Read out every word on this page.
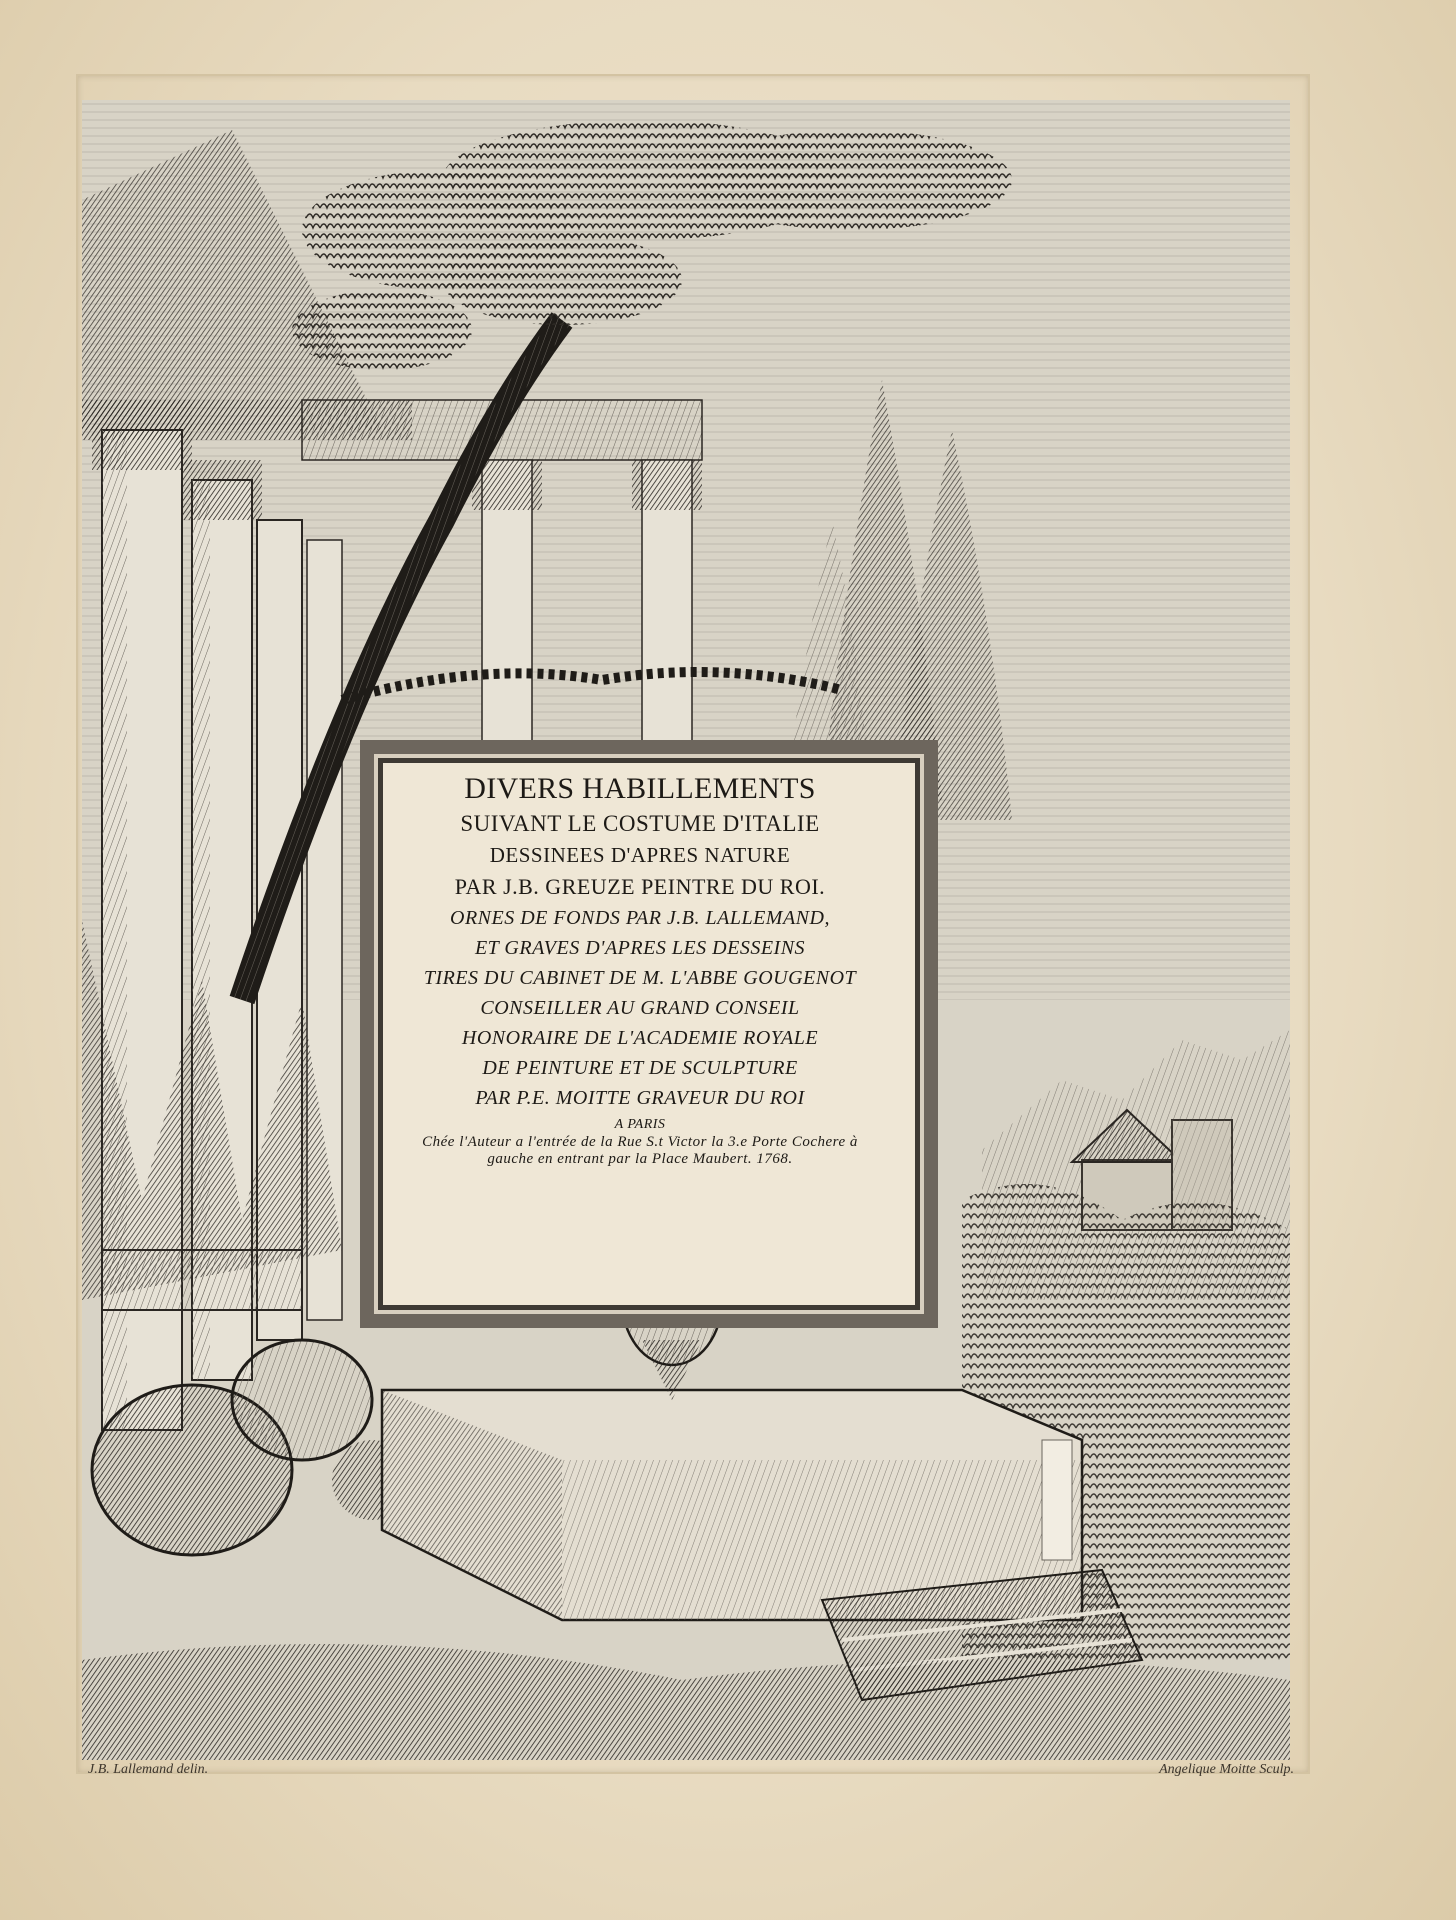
DIVERS HABILLEMENTS
SUIVANT LE COSTUME D'ITALIE
DESSINEES D'APRES NATURE
PAR J.B. GREUZE PEINTRE DU ROI.
ORNES DE FONDS PAR J.B. LALLEMAND,
ET GRAVES D'APRES LES DESSEINS
TIRES DU CABINET DE M. L'ABBE GOUGENOT
CONSEILLER AU GRAND CONSEIL
HONORAIRE DE L'ACADEMIE ROYALE
DE PEINTURE ET DE SCULPTURE
PAR P.E. MOITTE GRAVEUR DU ROI
A PARIS
Chée l'Auteur a l'entrée de la Rue S.t Victor la 3.e Porte Cochere à
gauche en entrant par la Place Maubert. 1768.
J.B. Lallemand delin.	Angelique Moitte Sculp.
